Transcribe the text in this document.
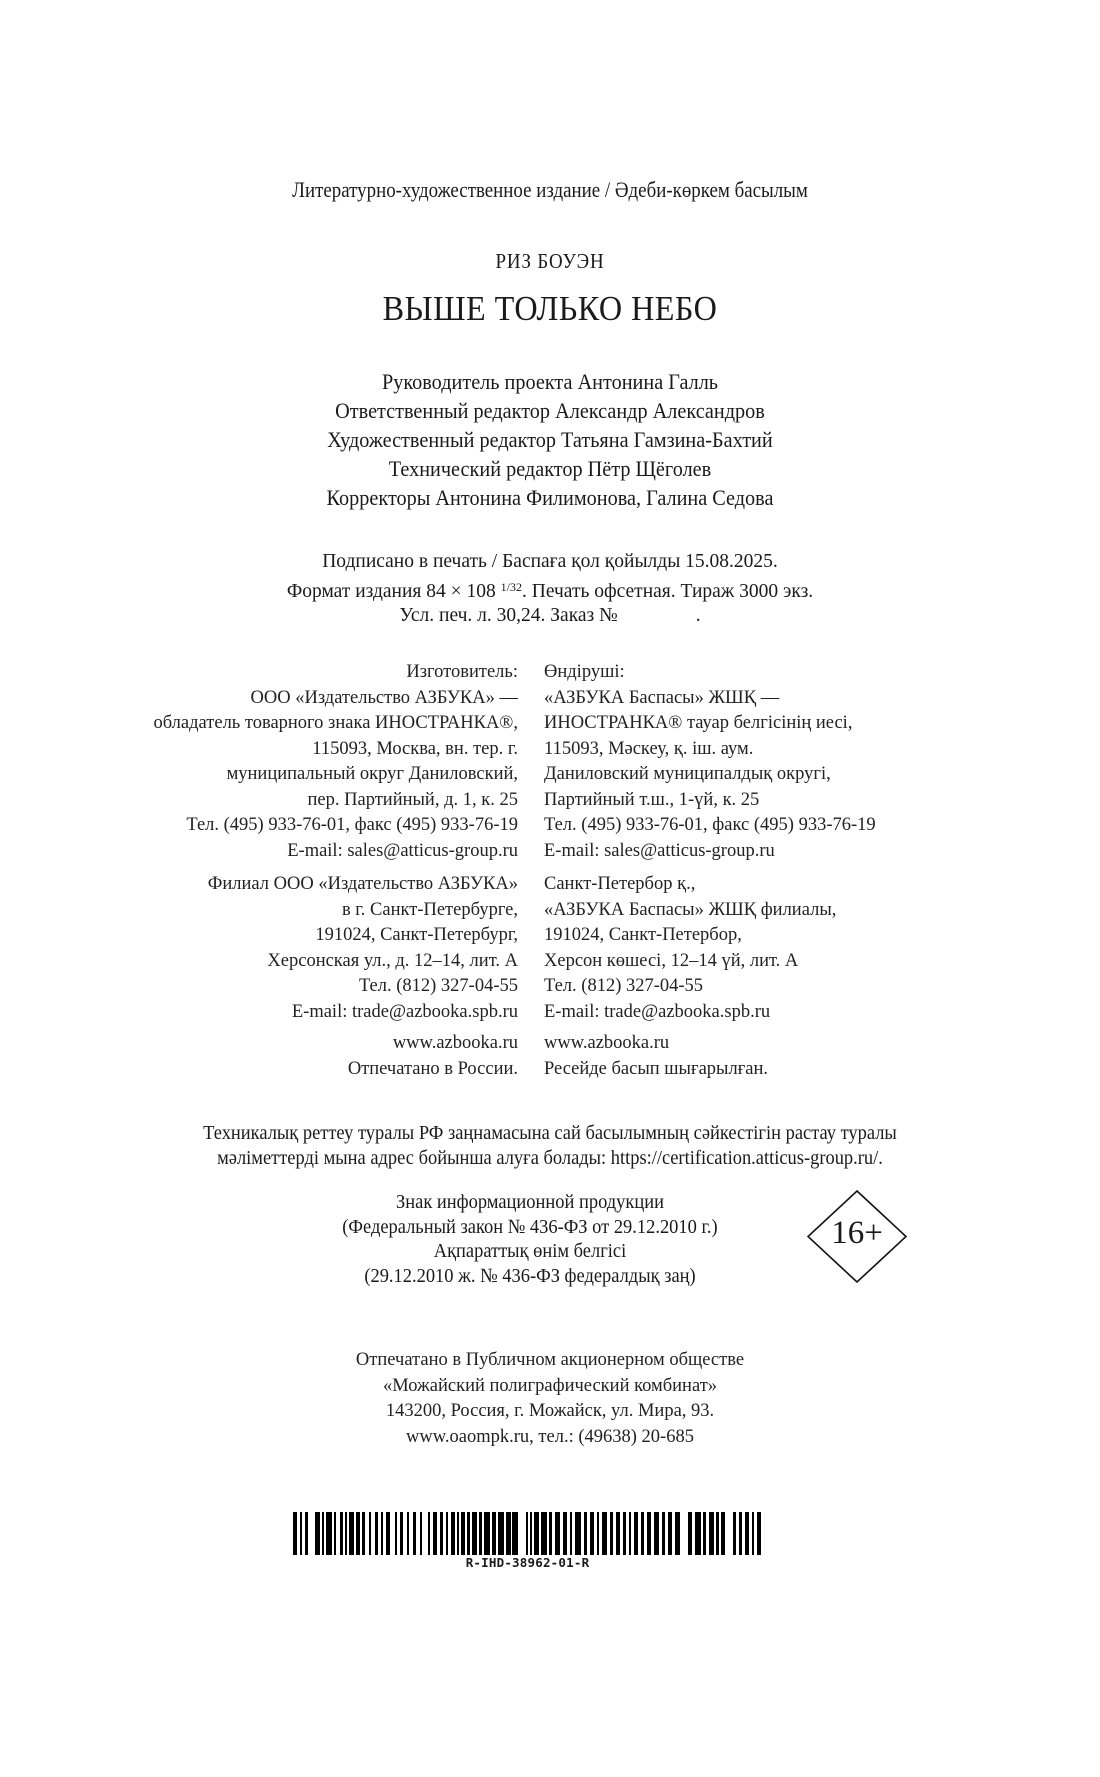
Литературно-художественное издание / Әдеби-көркем басылым
РИЗ БОУЭН
ВЫШЕ ТОЛЬКО НЕБО
Руководитель проекта Антонина Галль
Ответственный редактор Александр Александров
Художественный редактор Татьяна Гамзина-Бахтий
Технический редактор Пётр Щёголев
Корректоры Антонина Филимонова, Галина Седова
Подписано в печать / Баспаға қол қойылды 15.08.2025.
Формат издания 84 × 108 $^{1/32}$. Печать офсетная. Тираж 3000 экз.
Усл. печ. л. 30,24. Заказ №                .
Изготовитель:
ООО «Издательство АЗБУКА» —
обладатель товарного знака ИНОСТРАНКА®,
115093, Москва, вн. тер. г.
муниципальный округ Даниловский,
пер. Партийный, д. 1, к. 25
Тел. (495) 933-76-01, факс (495) 933-76-19
E-mail: sales@atticus-group.ru
Филиал ООО «Издательство АЗБУКА»
в г. Санкт-Петербурге,
191024, Санкт-Петербург,
Херсонская ул., д. 12–14, лит. А
Тел. (812) 327-04-55
E-mail: trade@azbooka.spb.ru
www.azbooka.ru
Отпечатано в России.
Өндіруші:
«АЗБУКА Баспасы» ЖШҚ —
ИНОСТРАНКА® тауар белгісінің иесі,
115093, Мәскеу, қ. іш. аум.
Даниловский муниципалдық округі,
Партийный т.ш., 1-үй, к. 25
Тел. (495) 933-76-01, факс (495) 933-76-19
E-mail: sales@atticus-group.ru
Санкт-Петербор қ.,
«АЗБУКА Баспасы» ЖШҚ филиалы,
191024, Санкт-Петербор,
Херсон көшесі, 12–14 үй, лит. А
Тел. (812) 327-04-55
E-mail: trade@azbooka.spb.ru
www.azbooka.ru
Ресейде басып шығарылған.
Техникалық реттеу туралы РФ заңнамасына сай басылымның сәйкестігін растау туралы
мәліметтерді мына адрес бойынша алуға болады: https://certification.atticus-group.ru/.
Знак информационной продукции
(Федеральный закон № 436-ФЗ от 29.12.2010 г.)
Ақпараттық өнім белгісі
(29.12.2010 ж. № 436-ФЗ федералдық заң)
16+
Отпечатано в Публичном акционерном обществе
«Можайский полиграфический комбинат»
143200, Россия, г. Можайск, ул. Мира, 93.
www.oaompk.ru, тел.: (49638) 20-685
R-IHD-38962-01-R
